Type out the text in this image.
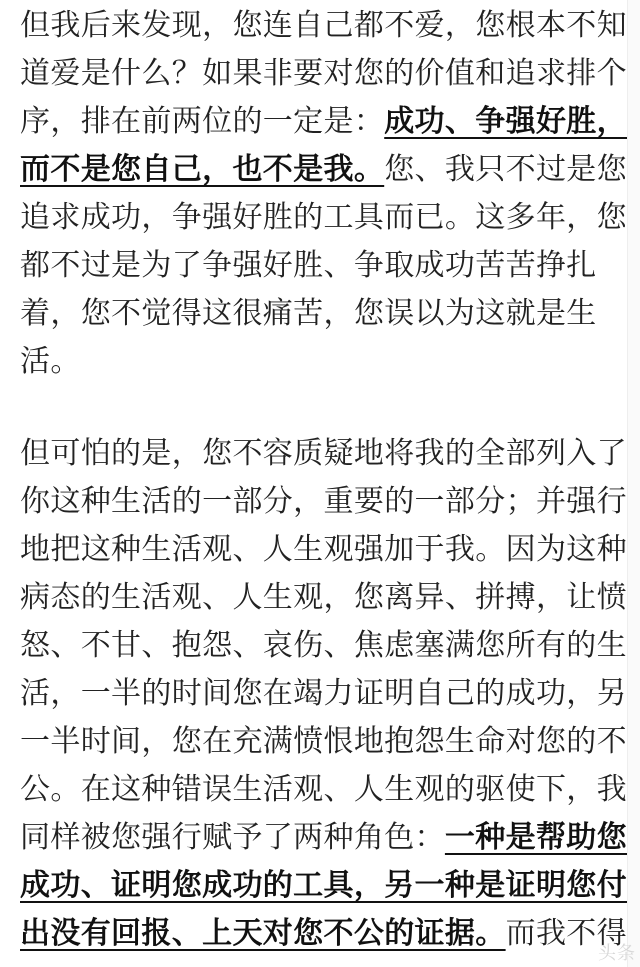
但我后来发现，您连自己都不爱，您根本不知
道爱是什么？如果非要对您的价值和追求排个
序，排在前两位的一定是：成功、争强好胜，
而不是您自己，也不是我。您、我只不过是您
追求成功，争强好胜的工具而已。这多年，您
都不过是为了争强好胜、争取成功苦苦挣扎
着，您不觉得这很痛苦，您误以为这就是生
活。
但可怕的是，您不容质疑地将我的全部列入了
你这种生活的一部分，重要的一部分；并强行
地把这种生活观、人生观强加于我。因为这种
病态的生活观、人生观，您离异、拼搏，让愤
怒、不甘、抱怨、哀伤、焦虑塞满您所有的生
活，一半的时间您在竭力证明自己的成功，另
一半时间，您在充满愤恨地抱怨生命对您的不
公。在这种错误生活观、人生观的驱使下，我
同样被您强行赋予了两种角色：一种是帮助您
成功、证明您成功的工具，另一种是证明您付
出没有回报、上天对您不公的证据。而我不得
头条
